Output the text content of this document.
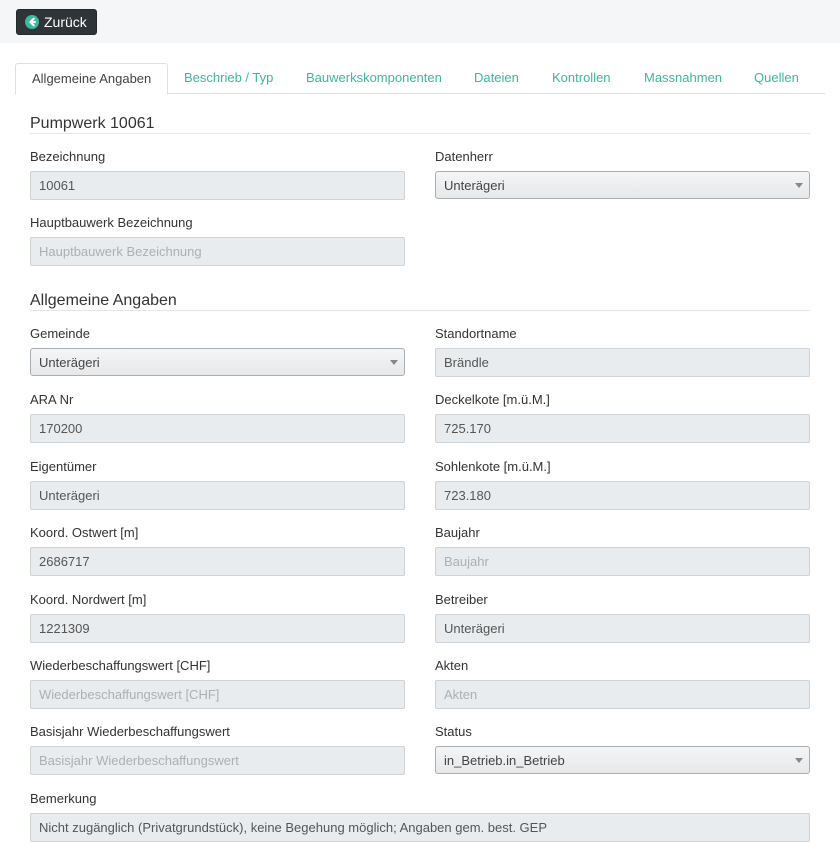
Zurück
Allgemeine Angaben	Beschrieb / Typ	Bauwerkskomponenten Dateien	Kontrollen	Massnahmen Quellen
Pumpwerk 10061
Bezeichnung
10061
Datenherr
Unterägeri
Hauptbauwerk Bezeichnung
Hauptbauwerk Bezeichnung
Allgemeine Angaben
Gemeinde
Unterägeri
Standortname
Brändle
ARA Nr
170200
Deckelkote [m.ü.M.]
725.170
Eigentümer
Unterägeri
Sohlenkote [m.ü.M.]
723.180
Koord. Ostwert [m]
2686717
Baujahr
Baujahr
Koord. Nordwert [m]
1221309
Betreiber
Unterägeri
Wiederbeschaffungswert [CHF]
Wiederbeschaffungswert [CHF]
Akten
Akten
Basisjahr Wiederbeschaffungswert
Basisjahr Wiederbeschaffungswert
Status
in_Betrieb.in_Betrieb
Bemerkung
Nicht zugänglich (Privatgrundstück), keine Begehung möglich; Angaben gem. best. GEP
